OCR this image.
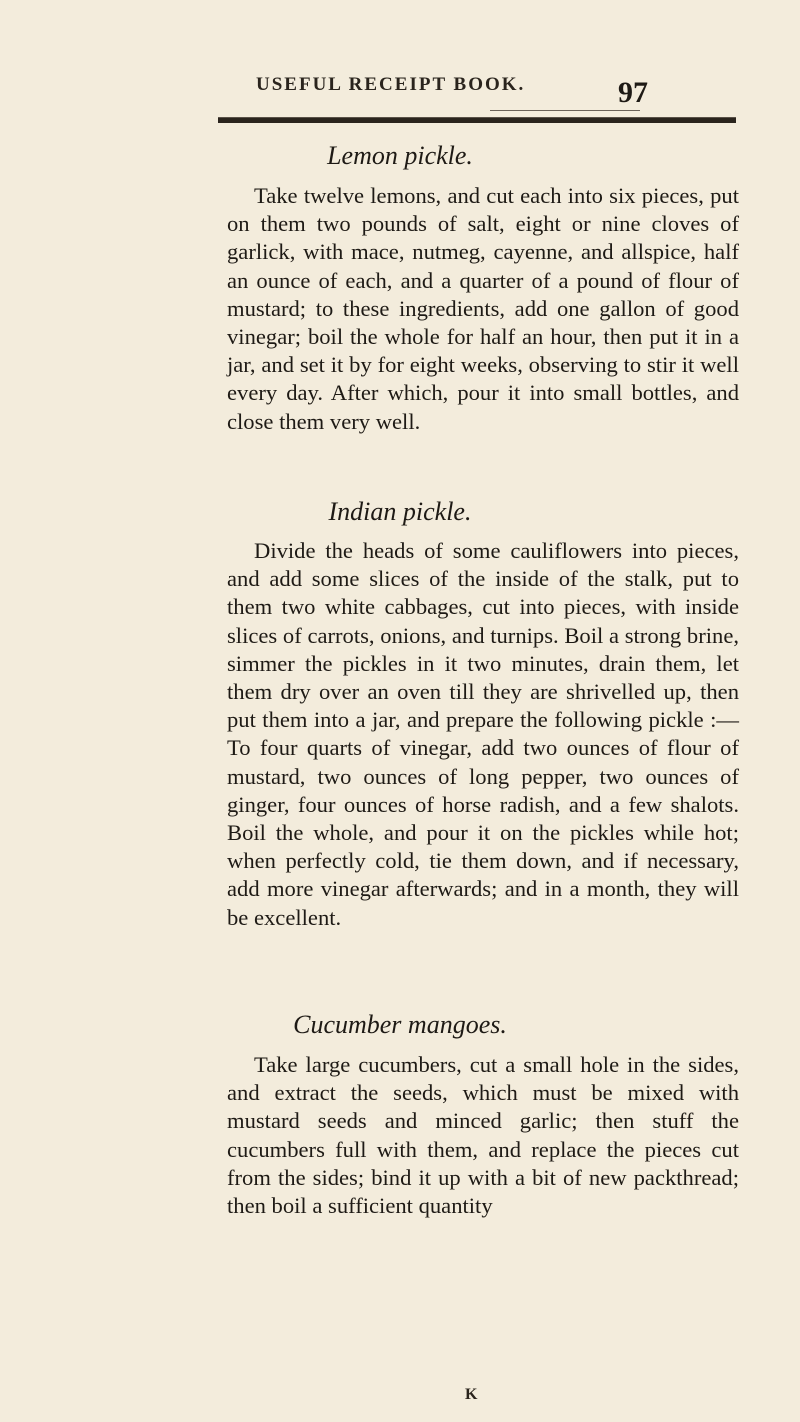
USEFUL RECEIPT BOOK.	97
Lemon pickle.
Take twelve lemons, and cut each into six pieces, put on them two pounds of salt, eight or nine cloves of garlick, with mace, nutmeg, cayenne, and allspice, half an ounce of each, and a quarter of a pound of flour of mustard; to these ingredients, add one gallon of good vinegar; boil the whole for half an hour, then put it in a jar, and set it by for eight weeks, observing to stir it well every day. After which, pour it into small bottles, and close them very well.
Indian pickle.
Divide the heads of some cauliflowers into pieces, and add some slices of the inside of the stalk, put to them two white cabbages, cut into pieces, with inside slices of carrots, onions, and turnips. Boil a strong brine, simmer the pickles in it two minutes, drain them, let them dry over an oven till they are shrivelled up, then put them into a jar, and prepare the following pickle :—To four quarts of vinegar, add two ounces of flour of mustard, two ounces of long pepper, two ounces of ginger, four ounces of horse radish, and a few shalots. Boil the whole, and pour it on the pickles while hot; when perfectly cold, tie them down, and if necessary, add more vinegar afterwards; and in a month, they will be excellent.
Cucumber mangoes.
Take large cucumbers, cut a small hole in the sides, and extract the seeds, which must be mixed with mustard seeds and minced garlic; then stuff the cucumbers full with them, and replace the pieces cut from the sides; bind it up with a bit of new packthread; then boil a sufficient quantity
K
